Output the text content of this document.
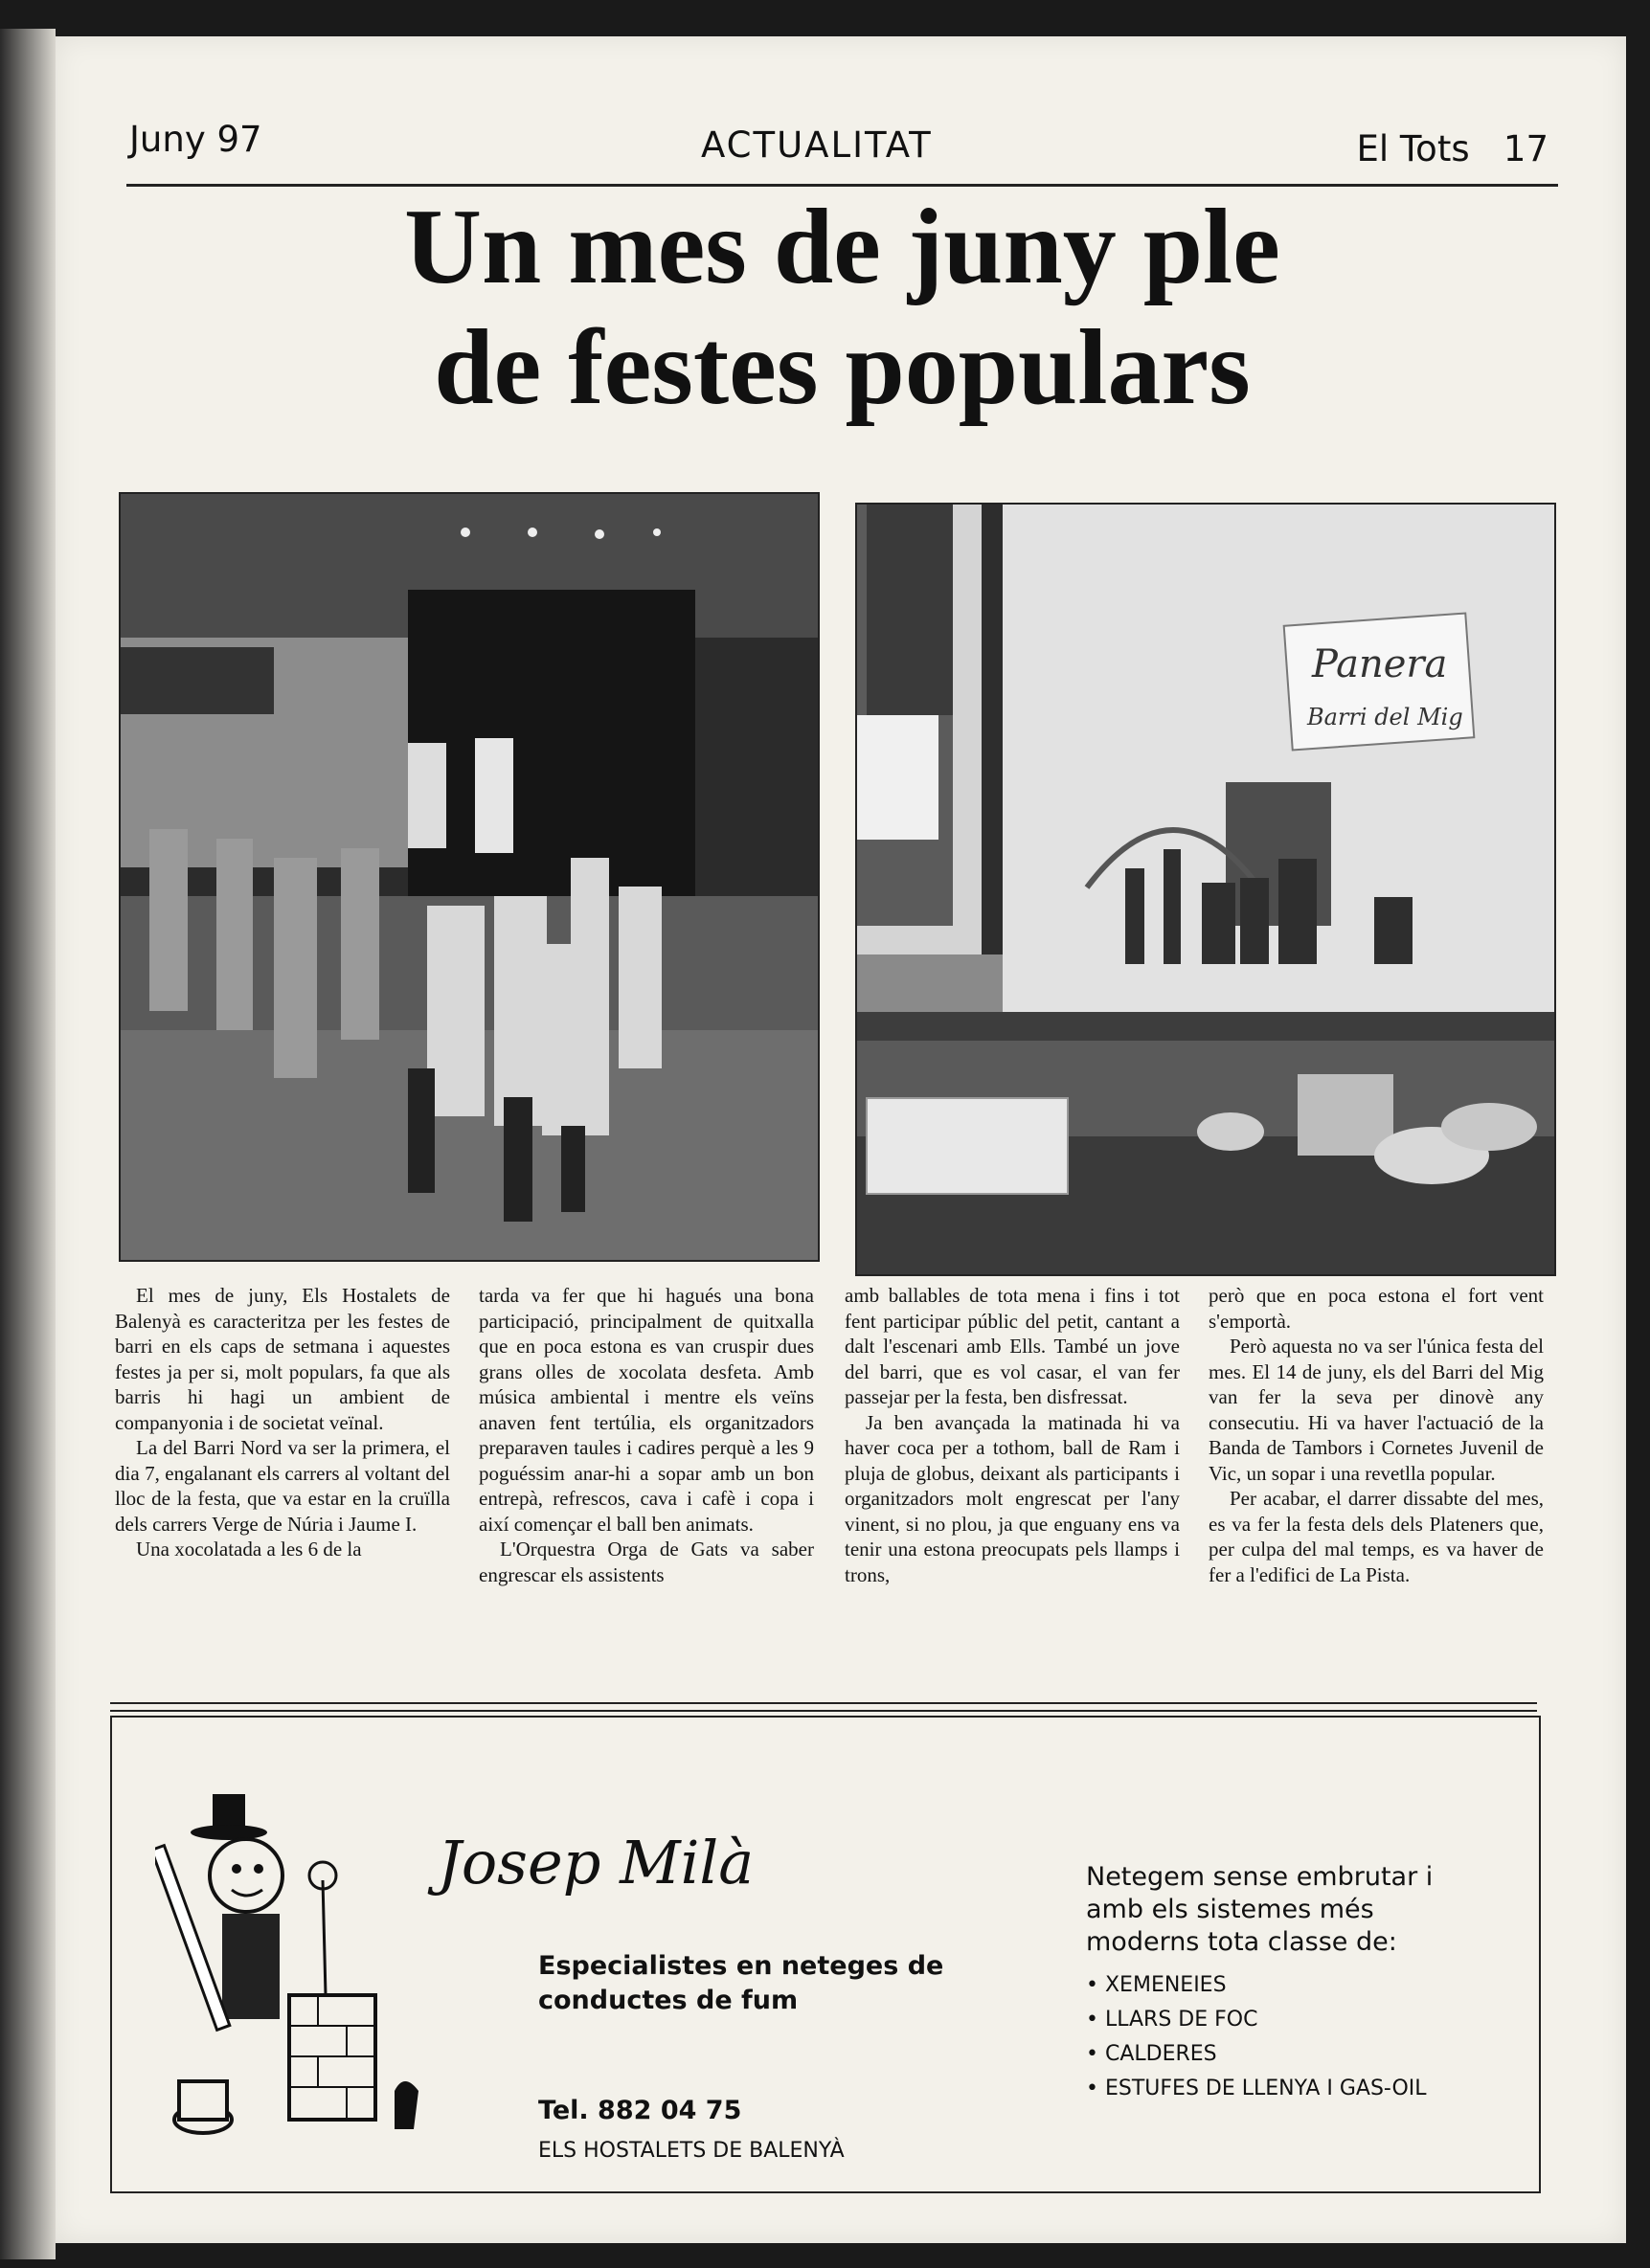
Juny 97	ACTUALITAT	El Tots 17
Un mes de juny ple
de festes populars
Panera
Barri del Mig

El mes de juny, Els Hostalets de Balenyà es caracteritza per les festes de barri en els caps de setmana i aquestes festes ja per si, molt populars, fa que als barris hi hagi un ambient de companyonia i de societat veïnal.

La del Barri Nord va ser la primera, el dia 7, engalanant els carrers al voltant del lloc de la festa, que va estar en la cruïlla dels carrers Verge de Núria i Jaume I.

Una xocolatada a les 6 de la

tarda va fer que hi hagués una bona participació, principalment de quitxalla que en poca estona es van cruspir dues grans olles de xocolata desfeta. Amb música ambiental i mentre els veïns anaven fent tertúlia, els organitzadors preparaven taules i cadires perquè a les 9 poguéssim anar-hi a sopar amb un bon entrepà, refrescos, cava i cafè i copa i així començar el ball ben animats.

L'Orquestra Orga de Gats va saber engrescar els assistents

amb ballables de tota mena i fins i tot fent participar públic del petit, cantant a dalt l'escenari amb Ells. També un jove del barri, que es vol casar, el van fer passejar per la festa, ben disfressat.

Ja ben avançada la matinada hi va haver coca per a tothom, ball de Ram i pluja de globus, deixant als participants i organitzadors molt engrescat per l'any vinent, si no plou, ja que enguany ens va tenir una estona preocupats pels llamps i trons,

però que en poca estona el fort vent s'emportà.

Però aquesta no va ser l'única festa del mes. El 14 de juny, els del Barri del Mig van fer la seva per dinovè any consecutiu. Hi va haver l'actuació de la Banda de Tambors i Cornetes Juvenil de Vic, un sopar i una revetlla popular.

Per acabar, el darrer dissabte del mes, es va fer la festa dels dels Plateners que, per culpa del mal temps, es va haver de fer a l'edifici de La Pista.

Josep Milà
Especialistes en neteges de conductes de fum
Tel. 882 04 75
ELS HOSTALETS DE BALENYÀ
Netegem sense embrutar i amb els sistemes més moderns tota classe de:
• XEMENEIES
• LLARS DE FOC
• CALDERES
• ESTUFES DE LLENYA I GAS-OIL
